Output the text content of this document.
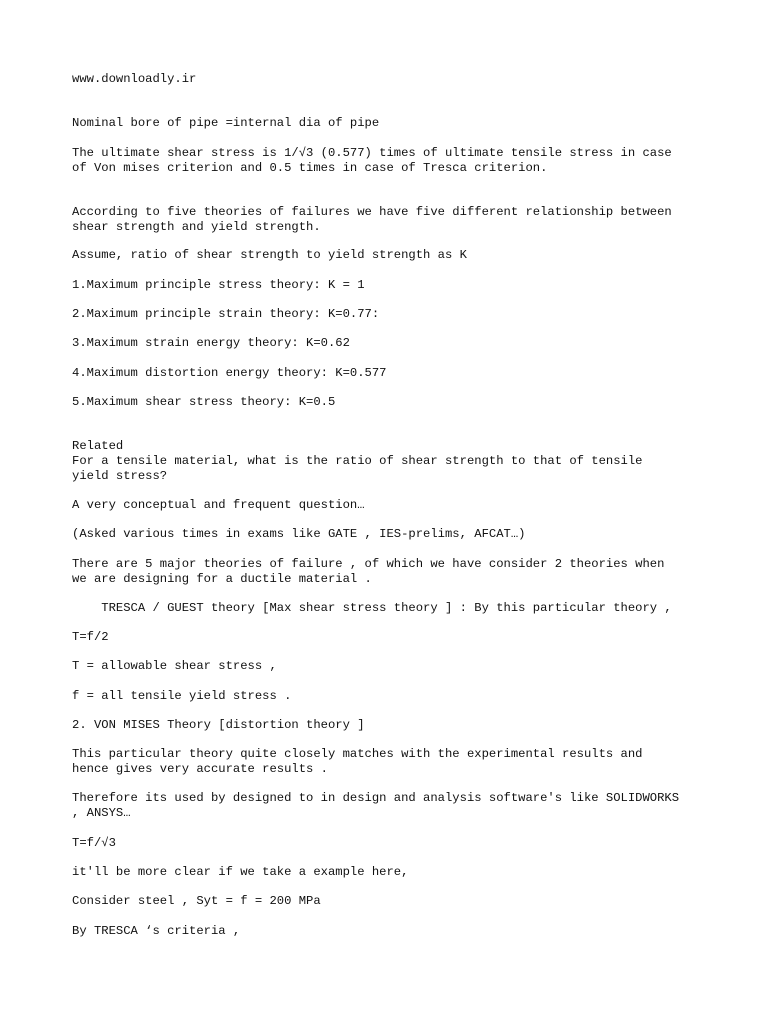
www.downloadly.ir

Nominal bore of pipe =internal dia of pipe

The ultimate shear stress is 1/√3 (0.577) times of ultimate tensile stress in case

of Von mises criterion and 0.5 times in case of Tresca criterion.

According to five theories of failures we have five different relationship between

shear strength and yield strength.

Assume, ratio of shear strength to yield strength as K

1.Maximum principle stress theory: K = 1

2.Maximum principle strain theory: K=0.77:

3.Maximum strain energy theory: K=0.62

4.Maximum distortion energy theory: K=0.577

5.Maximum shear stress theory: K=0.5

Related

For a tensile material, what is the ratio of shear strength to that of tensile

yield stress?

A very conceptual and frequent question…

(Asked various times in exams like GATE , IES-prelims, AFCAT…)

There are 5 major theories of failure , of which we have consider 2 theories when

we are designing for a ductile material .

TRESCA / GUEST theory [Max shear stress theory ] : By this particular theory ,

T=f/2

T = allowable shear stress ,

f = all tensile yield stress .

2. VON MISES Theory [distortion theory ]

This particular theory quite closely matches with the experimental results and

hence gives very accurate results .

Therefore its used by designed to in design and analysis software's like SOLIDWORKS

, ANSYS…

T=f/√3

it'll be more clear if we take a example here,

Consider steel , Syt = f = 200 MPa

By TRESCA ‘s criteria ,
